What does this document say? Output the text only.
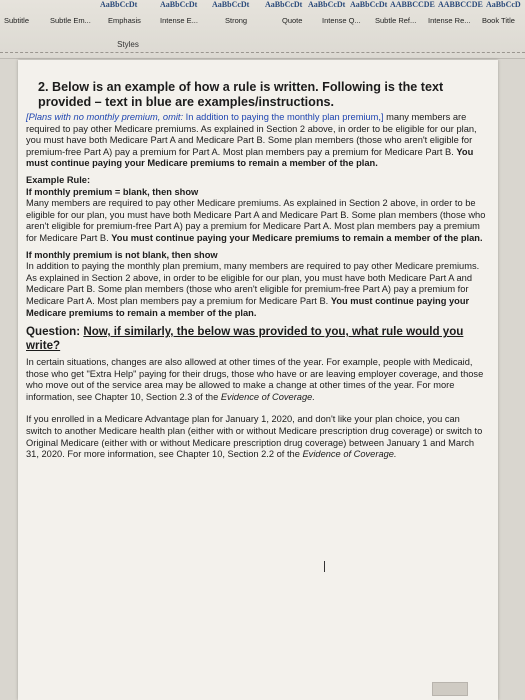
AaBbCcDt	AaBbCcDt AaBbCcDt AaBbCcDt AaBbCcDt AaBbCcDt AABBCCDE AABBCCDE AaBbCcD
Subtitle	Subtle Em... Emphasis	Intense E...	Strong	Quote	Intense Q... Subtle Ref... Intense Re... Book Title
Styles
2. Below is an example of how a rule is written. Following is the text provided – text in blue are examples/instructions.
[Plans with no monthly premium, omit: In addition to paying the monthly plan premium,] many members are required to pay other Medicare premiums. As explained in Section 2 above, in order to be eligible for our plan, you must have both Medicare Part A and Medicare Part B. Some plan members (those who aren't eligible for premium-free Part A) pay a premium for Part A. Most plan members pay a premium for Medicare Part B. You must continue paying your Medicare premiums to remain a member of the plan.
Example Rule:
If monthly premium = blank, then show
Many members are required to pay other Medicare premiums. As explained in Section 2 above, in order to be eligible for our plan, you must have both Medicare Part A and Medicare Part B. Some plan members (those who aren't eligible for premium-free Part A) pay a premium for Medicare Part A. Most plan members pay a premium for Medicare Part B. You must continue paying your Medicare premiums to remain a member of the plan.
If monthly premium is not blank, then show
In addition to paying the monthly plan premium, many members are required to pay other Medicare premiums. As explained in Section 2 above, in order to be eligible for our plan, you must have both Medicare Part A and Medicare Part B. Some plan members (those who aren't eligible for premium-free Part A) pay a premium for Medicare Part A. Most plan members pay a premium for Medicare Part B. You must continue paying your Medicare premiums to remain a member of the plan.
Question: Now, if similarly, the below was provided to you, what rule would you write?
In certain situations, changes are also allowed at other times of the year. For example, people with Medicaid, those who get "Extra Help" paying for their drugs, those who have or are leaving employer coverage, and those who move out of the service area may be allowed to make a change at other times of the year. For more information, see Chapter 10, Section 2.3 of the Evidence of Coverage.
If you enrolled in a Medicare Advantage plan for January 1, 2020, and don't like your plan choice, you can switch to another Medicare health plan (either with or without Medicare prescription drug coverage) or switch to Original Medicare (either with or without Medicare prescription drug coverage) between January 1 and March 31, 2020. For more information, see Chapter 10, Section 2.2 of the Evidence of Coverage.
